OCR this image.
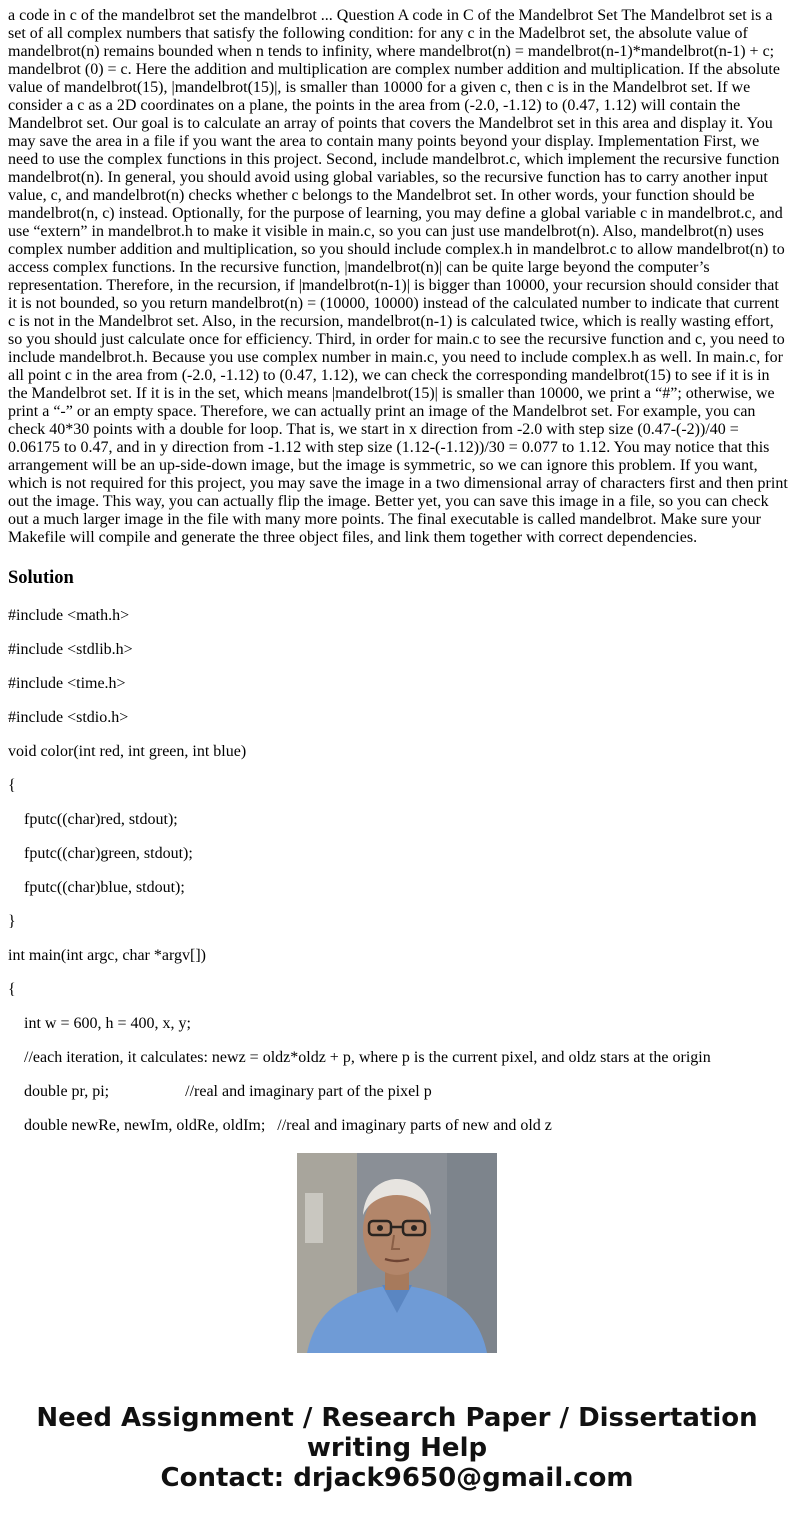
a code in c of the mandelbrot set the mandelbrot ... Question A code in C of the Mandelbrot Set The Mandelbrot set is a set of all complex numbers that satisfy the following condition: for any c in the Madelbrot set, the absolute value of mandelbrot(n) remains bounded when n tends to infinity, where mandelbrot(n) = mandelbrot(n-1)*mandelbrot(n-1) + c; mandelbrot (0) = c. Here the addition and multiplication are complex number addition and multiplication. If the absolute value of mandelbrot(15), |mandelbrot(15)|, is smaller than 10000 for a given c, then c is in the Mandelbrot set. If we consider a c as a 2D coordinates on a plane, the points in the area from (-2.0, -1.12) to (0.47, 1.12) will contain the Mandelbrot set. Our goal is to calculate an array of points that covers the Mandelbrot set in this area and display it. You may save the area in a file if you want the area to contain many points beyond your display. Implementation First, we need to use the complex functions in this project. Second, include mandelbrot.c, which implement the recursive function mandelbrot(n). In general, you should avoid using global variables, so the recursive function has to carry another input value, c, and mandelbrot(n) checks whether c belongs to the Mandelbrot set. In other words, your function should be mandelbrot(n, c) instead. Optionally, for the purpose of learning, you may define a global variable c in mandelbrot.c, and use “extern” in mandelbrot.h to make it visible in main.c, so you can just use mandelbrot(n). Also, mandelbrot(n) uses complex number addition and multiplication, so you should include complex.h in mandelbrot.c to allow mandelbrot(n) to access complex functions. In the recursive function, |mandelbrot(n)| can be quite large beyond the computer’s representation. Therefore, in the recursion, if |mandelbrot(n-1)| is bigger than 10000, your recursion should consider that it is not bounded, so you return mandelbrot(n) = (10000, 10000) instead of the calculated number to indicate that current c is not in the Mandelbrot set. Also, in the recursion, mandelbrot(n-1) is calculated twice, which is really wasting effort, so you should just calculate once for efficiency. Third, in order for main.c to see the recursive function and c, you need to include mandelbrot.h. Because you use complex number in main.c, you need to include complex.h as well. In main.c, for all point c in the area from (-2.0, -1.12) to (0.47, 1.12), we can check the corresponding mandelbrot(15) to see if it is in the Mandelbrot set. If it is in the set, which means |mandelbrot(15)| is smaller than 10000, we print a “#”; otherwise, we print a “-” or an empty space. Therefore, we can actually print an image of the Mandelbrot set. For example, you can check 40*30 points with a double for loop. That is, we start in x direction from -2.0 with step size (0.47-(-2))/40 = 0.06175 to 0.47, and in y direction from -1.12 with step size (1.12-(-1.12))/30 = 0.077 to 1.12. You may notice that this arrangement will be an up-side-down image, but the image is symmetric, so we can ignore this problem. If you want, which is not required for this project, you may save the image in a two dimensional array of characters first and then print out the image. This way, you can actually flip the image. Better yet, you can save this image in a file, so you can check out a much larger image in the file with many more points. The final executable is called mandelbrot. Make sure your Makefile will compile and generate the three object files, and link them together with correct dependencies.

Solution

#include <math.h>

#include <stdlib.h>

#include <time.h>

#include <stdio.h>

void color(int red, int green, int blue)

{

fputc((char)red, stdout);

fputc((char)green, stdout);

fputc((char)blue, stdout);

}

int main(int argc, char *argv[])

{

int w = 600, h = 400, x, y;

//each iteration, it calculates: newz = oldz*oldz + p, where p is the current pixel, and oldz stars at the origin

double pr, pi;                   //real and imaginary part of the pixel p

double newRe, newIm, oldRe, oldIm;   //real and imaginary parts of new and old z

Need Assignment / Research Paper / Dissertation
writing Help
Contact: drjack9650@gmail.com
